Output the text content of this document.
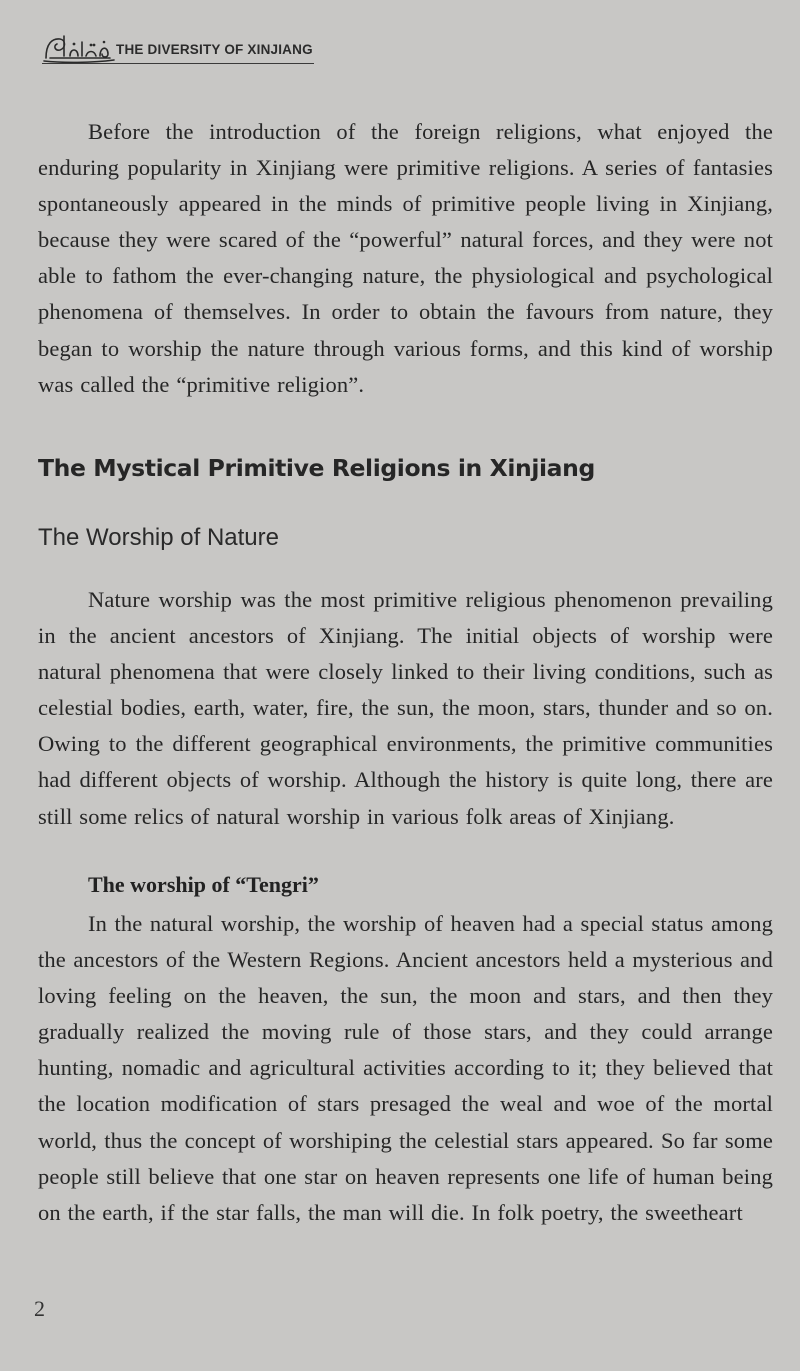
THE DIVERSITY OF XINJIANG

Before the introduction of the foreign religions, what enjoyed the enduring popularity in Xinjiang were primitive religions. A series of fantasies spontaneously appeared in the minds of primitive people living in Xinjiang, because they were scared of the “powerful” natural forces, and they were not able to fathom the ever-changing nature, the physiological and psychological phenomena of themselves. In order to obtain the favours from nature, they began to worship the nature through various forms, and this kind of worship was called the “primitive religion”.

The Mystical Primitive Religions in Xinjiang
The Worship of Nature

Nature worship was the most primitive religious phenomenon prevailing in the ancient ancestors of Xinjiang. The initial objects of worship were natural phenomena that were closely linked to their living conditions, such as celestial bodies, earth, water, fire, the sun, the moon, stars, thunder and so on. Owing to the different geographical environments, the primitive communities had different objects of worship. Although the history is quite long, there are still some relics of natural worship in various folk areas of Xinjiang.

The worship of “Tengri”

In the natural worship, the worship of heaven had a special status among the ancestors of the Western Regions. Ancient ancestors held a mysterious and loving feeling on the heaven, the sun, the moon and stars, and then they gradually realized the moving rule of those stars, and they could arrange hunting, nomadic and agricultural activities according to it; they believed that the location modification of stars presaged the weal and woe of the mortal world, thus the concept of worshiping the celestial stars appeared. So far some people still believe that one star on heaven represents one life of human being on the earth, if the star falls, the man will die. In folk poetry, the sweetheart

2
